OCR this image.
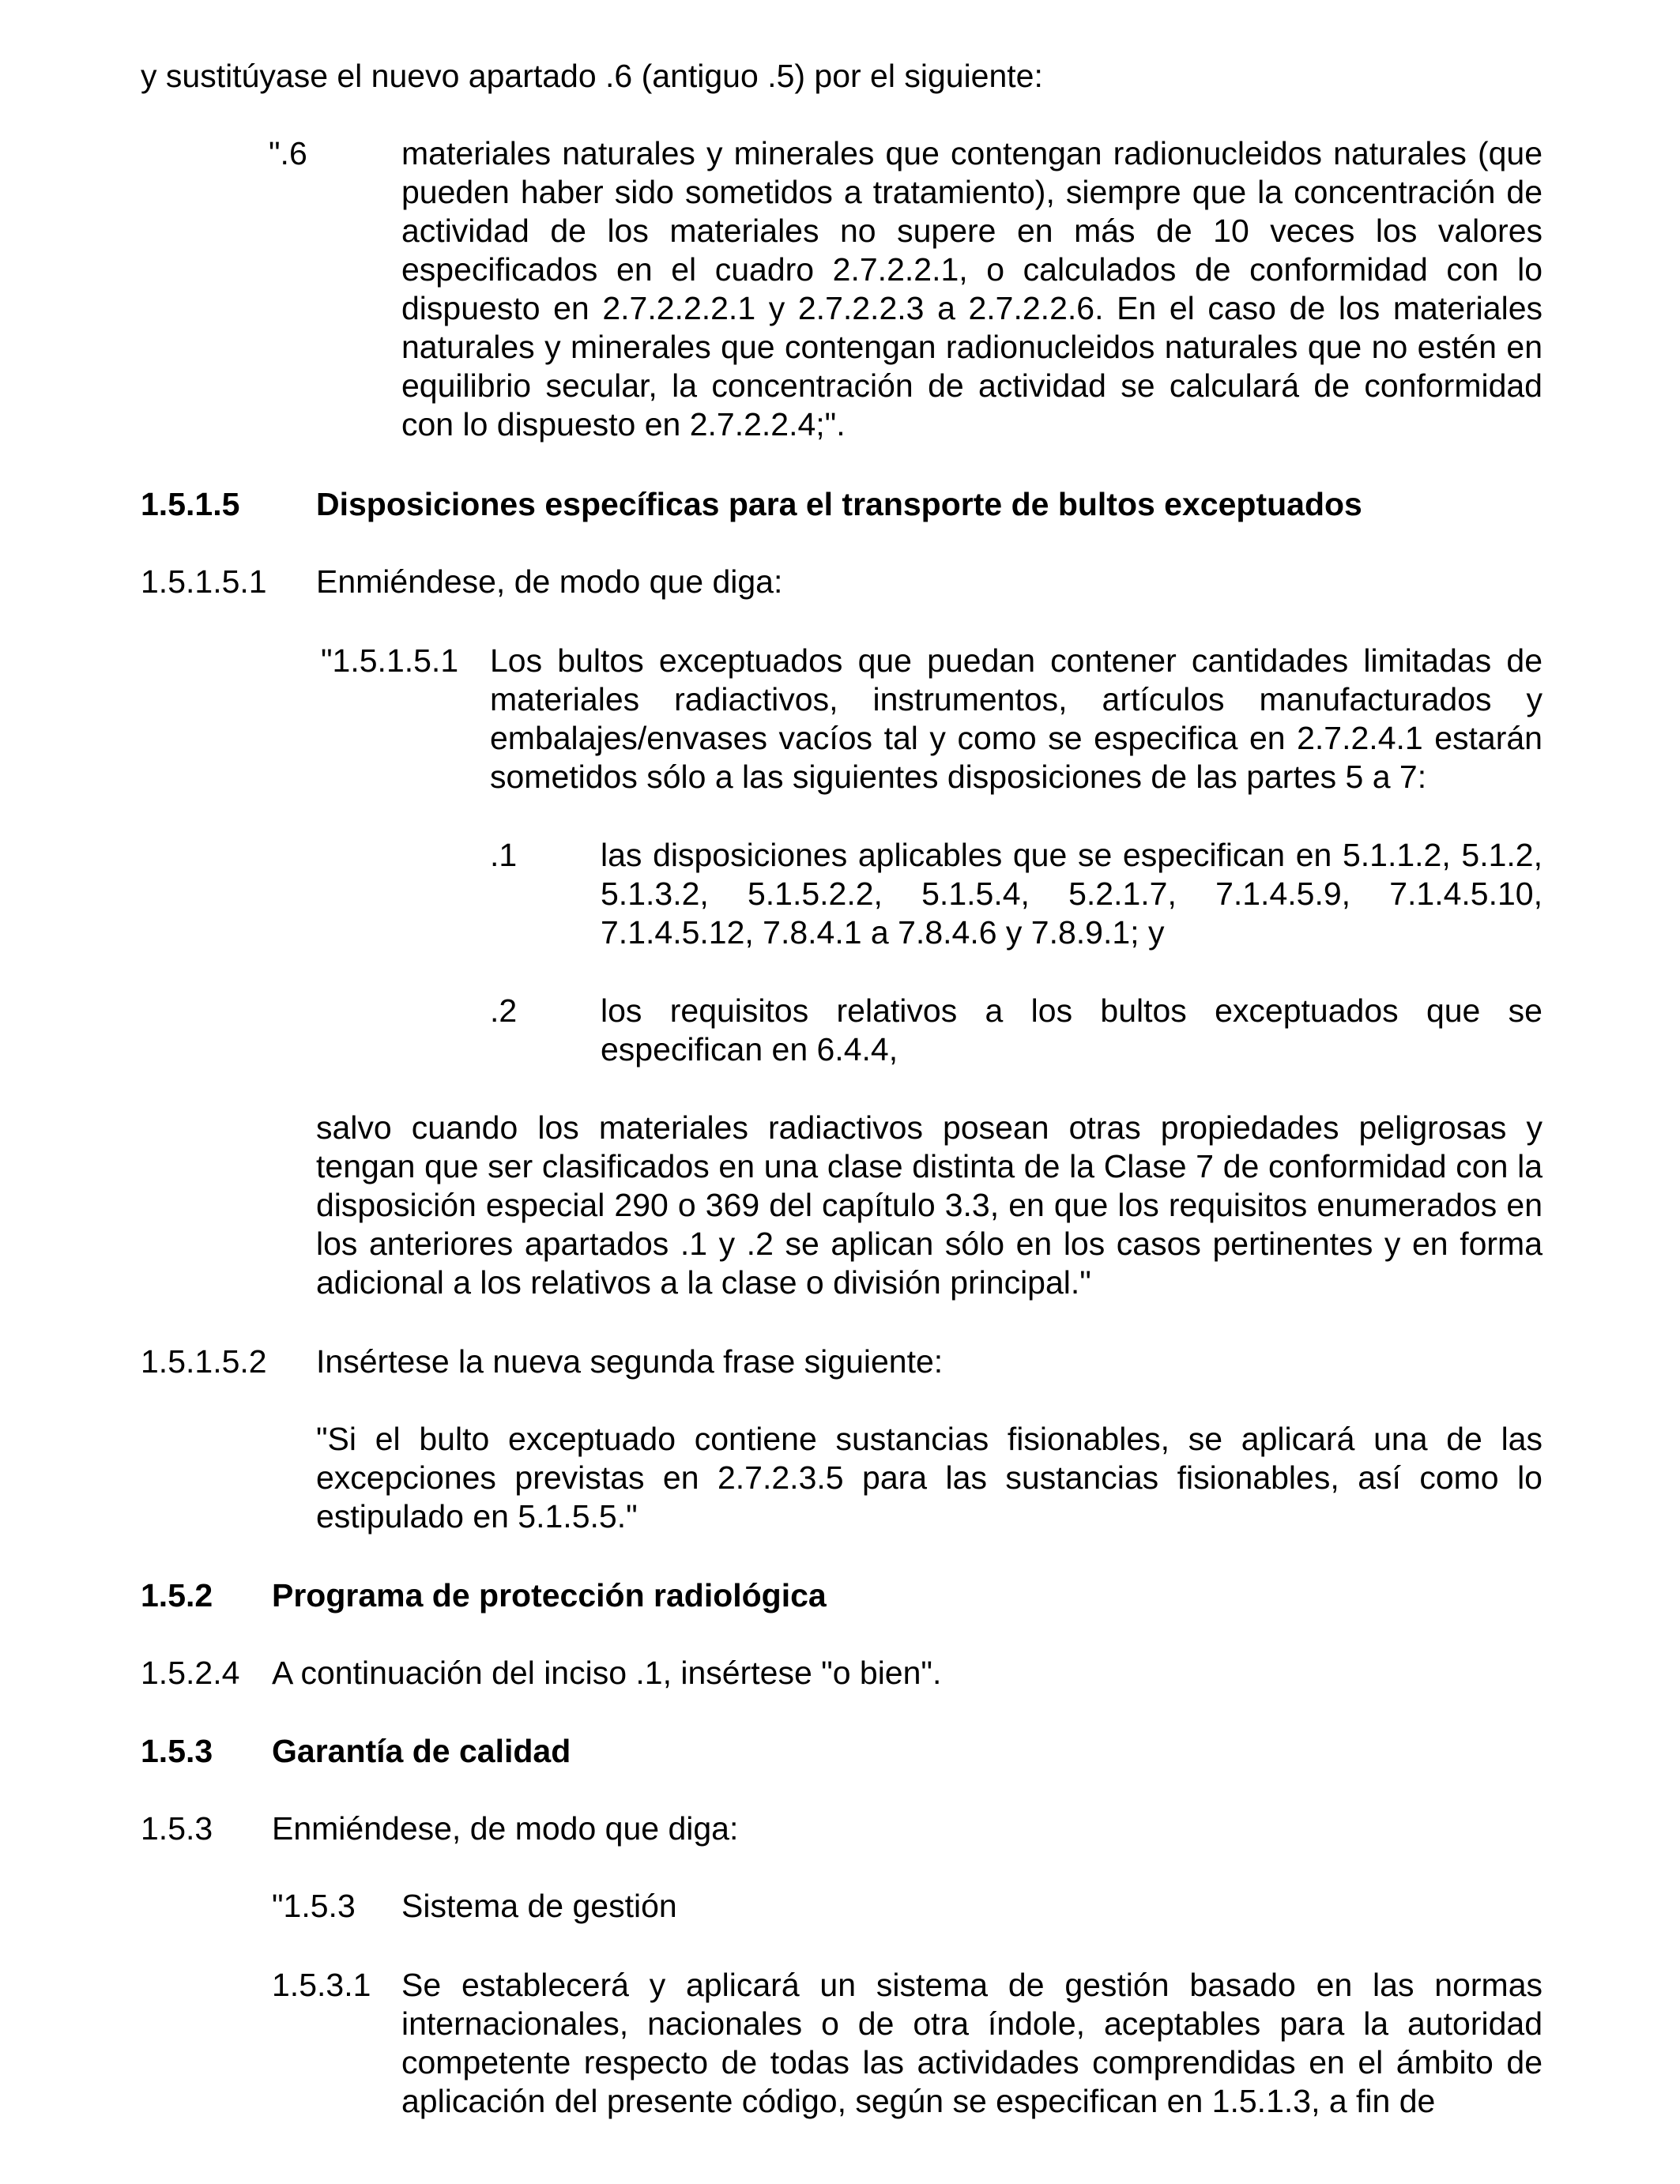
y sustitúyase el nuevo apartado .6 (antiguo .5) por el siguiente:

".6	materiales naturales y minerales que contengan radionucleidos naturales (que pueden haber sido sometidos a tratamiento), siempre que la concentración de actividad de los materiales no supere en más de 10 veces los valores especificados en el cuadro 2.7.2.2.1, o calculados de conformidad con lo dispuesto en 2.7.2.2.2.1 y 2.7.2.2.3 a 2.7.2.2.6. En el caso de los materiales naturales y minerales que contengan radionucleidos naturales que no estén en equilibrio secular, la concentración de actividad se calculará de conformidad con lo dispuesto en 2.7.2.2.4;".

1.5.1.5 Disposiciones específicas para el transporte de bultos exceptuados

1.5.1.5.1 Enmiéndese, de modo que diga:

"1.5.1.5.1 Los bultos exceptuados que puedan contener cantidades limitadas de materiales radiactivos, instrumentos, artículos manufacturados y embalajes/envases vacíos tal y como se especifica en 2.7.2.4.1 estarán sometidos sólo a las siguientes disposiciones de las partes 5 a 7:

.1	las disposiciones aplicables que se especifican en 5.1.1.2, 5.1.2, 5.1.3.2, 5.1.5.2.2, 5.1.5.4, 5.2.1.7, 7.1.4.5.9, 7.1.4.5.10, 7.1.4.5.12, 7.8.4.1 a 7.8.4.6 y 7.8.9.1; y

.2	los requisitos relativos a los bultos exceptuados que se especifican en 6.4.4,

salvo cuando los materiales radiactivos posean otras propiedades peligrosas y tengan que ser clasificados en una clase distinta de la Clase 7 de conformidad con la disposición especial 290 o 369 del capítulo 3.3, en que los requisitos enumerados en los anteriores apartados .1 y .2 se aplican sólo en los casos pertinentes y en forma adicional a los relativos a la clase o división principal."

1.5.1.5.2 Insértese la nueva segunda frase siguiente:

"Si el bulto exceptuado contiene sustancias fisionables, se aplicará una de las excepciones previstas en 2.7.2.3.5 para las sustancias fisionables, así como lo estipulado en 5.1.5.5."

1.5.2 Programa de protección radiológica

1.5.2.4 A continuación del inciso .1, insértese "o bien".

1.5.3 Garantía de calidad

1.5.3 Enmiéndese, de modo que diga:

"1.5.3 Sistema de gestión

1.5.3.1 Se establecerá y aplicará un sistema de gestión basado en las normas internacionales, nacionales o de otra índole, aceptables para la autoridad competente respecto de todas las actividades comprendidas en el ámbito de aplicación del presente código, según se especifican en 1.5.1.3, a fin de
